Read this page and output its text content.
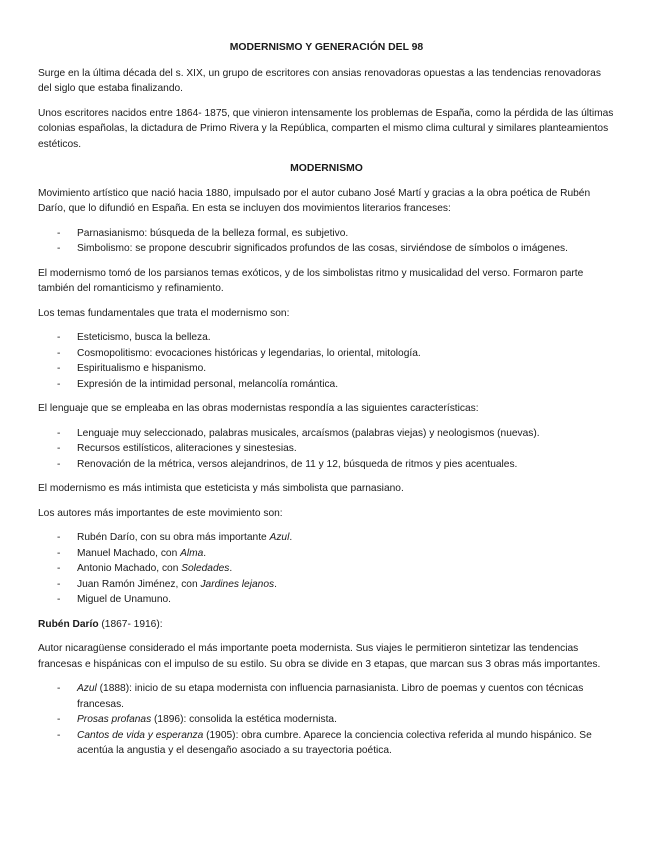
MODERNISMO Y GENERACIÓN DEL 98

Surge en la última década del s. XIX, un grupo de escritores con ansias renovadoras opuestas a las tendencias renovadoras del siglo que estaba finalizando.

Unos escritores nacidos entre 1864- 1875, que vinieron intensamente los problemas de España, como la pérdida de las últimas colonias españolas, la dictadura de Primo Rivera y la República, comparten el mismo clima cultural y similares planteamientos estéticos.

MODERNISMO

Movimiento artístico que nació hacia 1880, impulsado por el autor cubano José Martí y gracias a la obra poética de Rubén Darío, que lo difundió en España. En esta se incluyen dos movimientos literarios franceses:

- Parnasianismo: búsqueda de la belleza formal, es subjetivo.
- Simbolismo: se propone descubrir significados profundos de las cosas, sirviéndose de símbolos o imágenes.

El modernismo tomó de los parsianos temas exóticos, y de los simbolistas ritmo y musicalidad del verso. Formaron parte también del romanticismo y refinamiento.

Los temas fundamentales que trata el modernismo son:

- Esteticismo, busca la belleza.
- Cosmopolitismo: evocaciones históricas y legendarias, lo oriental, mitología.
- Espiritualismo e hispanismo.
- Expresión de la intimidad personal, melancolía romántica.

El lenguaje que se empleaba en las obras modernistas respondía a las siguientes características:

- Lenguaje muy seleccionado, palabras musicales, arcaísmos (palabras viejas) y neologismos (nuevas).
- Recursos estilísticos, aliteraciones y sinestesias.
- Renovación de la métrica, versos alejandrinos, de 11 y 12, búsqueda de ritmos y pies acentuales.

El modernismo es más intimista que esteticista y más simbolista que parnasiano.

Los autores más importantes de este movimiento son:

- Rubén Darío, con su obra más importante Azul.
- Manuel Machado, con Alma.
- Antonio Machado, con Soledades.
- Juan Ramón Jiménez, con Jardines lejanos.
- Miguel de Unamuno.

Rubén Darío (1867- 1916):

Autor nicaragüense considerado el más importante poeta modernista. Sus viajes le permitieron sintetizar las tendencias francesas e hispánicas con el impulso de su estilo. Su obra se divide en 3 etapas, que marcan sus 3 obras más importantes.

- Azul (1888): inicio de su etapa modernista con influencia parnasianista. Libro de poemas y cuentos con técnicas francesas.
- Prosas profanas (1896): consolida la estética modernista.
- Cantos de vida y esperanza (1905): obra cumbre. Aparece la conciencia colectiva referida al mundo hispánico. Se acentúa la angustia y el desengaño asociado a su trayectoria poética.
